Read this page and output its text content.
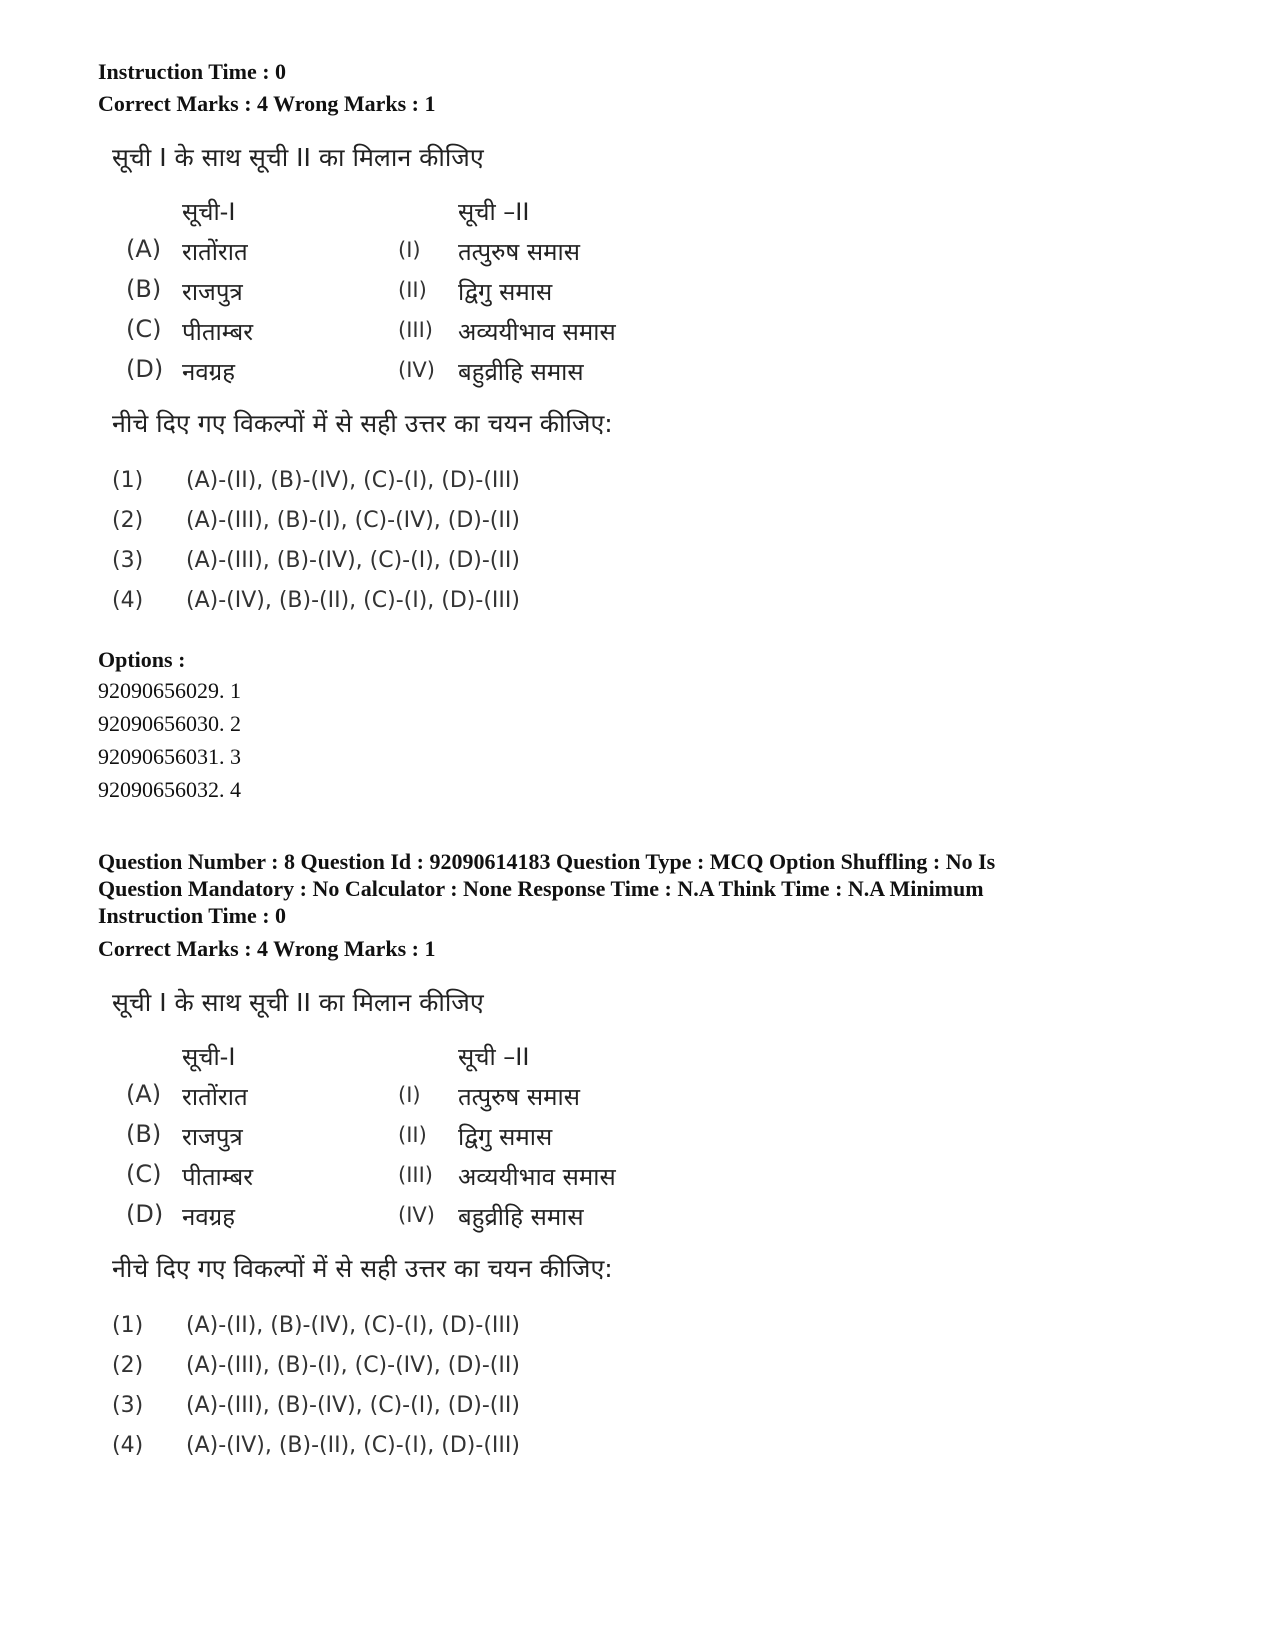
Instruction Time : 0
Correct Marks : 4 Wrong Marks : 1
सूची I के साथ सूची II का मिलान कीजिए
सूची-I	सूची –II
(A) रातोंरात	(I) तत्पुरुष समास
(B) राजपुत्र	(II) द्विगु समास
(C) पीताम्बर	(III) अव्ययीभाव समास
(D) नवग्रह	(IV) बहुव्रीहि समास
नीचे दिए गए विकल्पों में से सही उत्तर का चयन कीजिए:
(1) (A)-(II), (B)-(IV), (C)-(I), (D)-(III)
(2) (A)-(III), (B)-(I), (C)-(IV), (D)-(II)
(3) (A)-(III), (B)-(IV), (C)-(I), (D)-(II)
(4) (A)-(IV), (B)-(II), (C)-(I), (D)-(III)
Options :
92090656029. 1
92090656030. 2
92090656031. 3
92090656032. 4
Question Number : 8 Question Id : 92090614183 Question Type : MCQ Option Shuffling : No Is
Question Mandatory : No Calculator : None Response Time : N.A Think Time : N.A Minimum
Instruction Time : 0
Correct Marks : 4 Wrong Marks : 1
सूची I के साथ सूची II का मिलान कीजिए
सूची-I	सूची –II
(A) रातोंरात	(I) तत्पुरुष समास
(B) राजपुत्र	(II) द्विगु समास
(C) पीताम्बर	(III) अव्ययीभाव समास
(D) नवग्रह	(IV) बहुव्रीहि समास
नीचे दिए गए विकल्पों में से सही उत्तर का चयन कीजिए:
(1) (A)-(II), (B)-(IV), (C)-(I), (D)-(III)
(2) (A)-(III), (B)-(I), (C)-(IV), (D)-(II)
(3) (A)-(III), (B)-(IV), (C)-(I), (D)-(II)
(4) (A)-(IV), (B)-(II), (C)-(I), (D)-(III)
